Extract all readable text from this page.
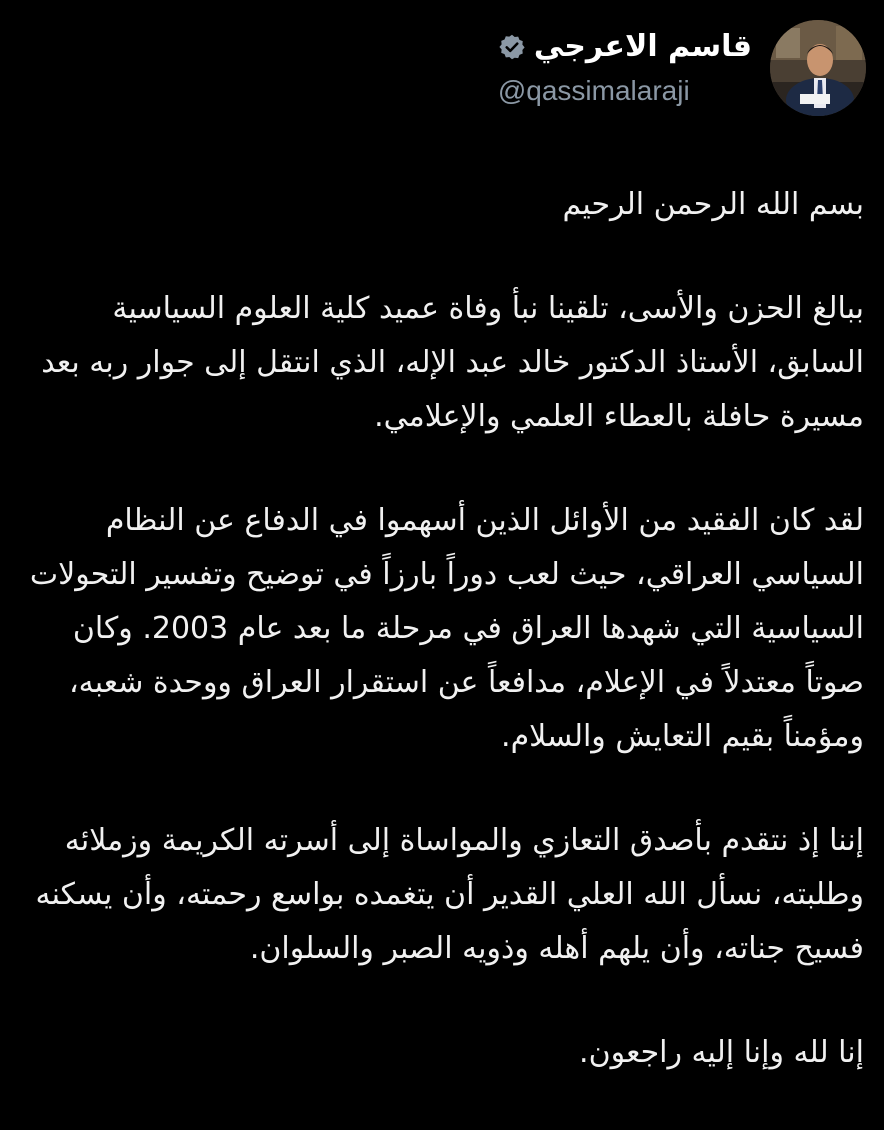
قاسم الاعرجي
@qassimalaraji

بسم الله الرحمن الرحيم

ببالغ الحزن والأسى، تلقينا نبأ وفاة عميد كلية العلوم السياسية السابق، الأستاذ الدكتور خالد عبد الإله، الذي انتقل إلى جوار ربه بعد مسيرة حافلة بالعطاء العلمي والإعلامي.

لقد كان الفقيد من الأوائل الذين أسهموا في الدفاع عن النظام السياسي العراقي، حيث لعب دوراً بارزاً في توضيح وتفسير التحولات السياسية التي شهدها العراق في مرحلة ما بعد عام 2003. وكان صوتاً معتدلاً في الإعلام، مدافعاً عن استقرار العراق ووحدة شعبه، ومؤمناً بقيم التعايش والسلام.

إننا إذ نتقدم بأصدق التعازي والمواساة إلى أسرته الكريمة وزملائه وطلبته، نسأل الله العلي القدير أن يتغمده بواسع رحمته، وأن يسكنه فسيح جناته، وأن يلهم أهله وذويه الصبر والسلوان.

إنا لله وإنا إليه راجعون.
